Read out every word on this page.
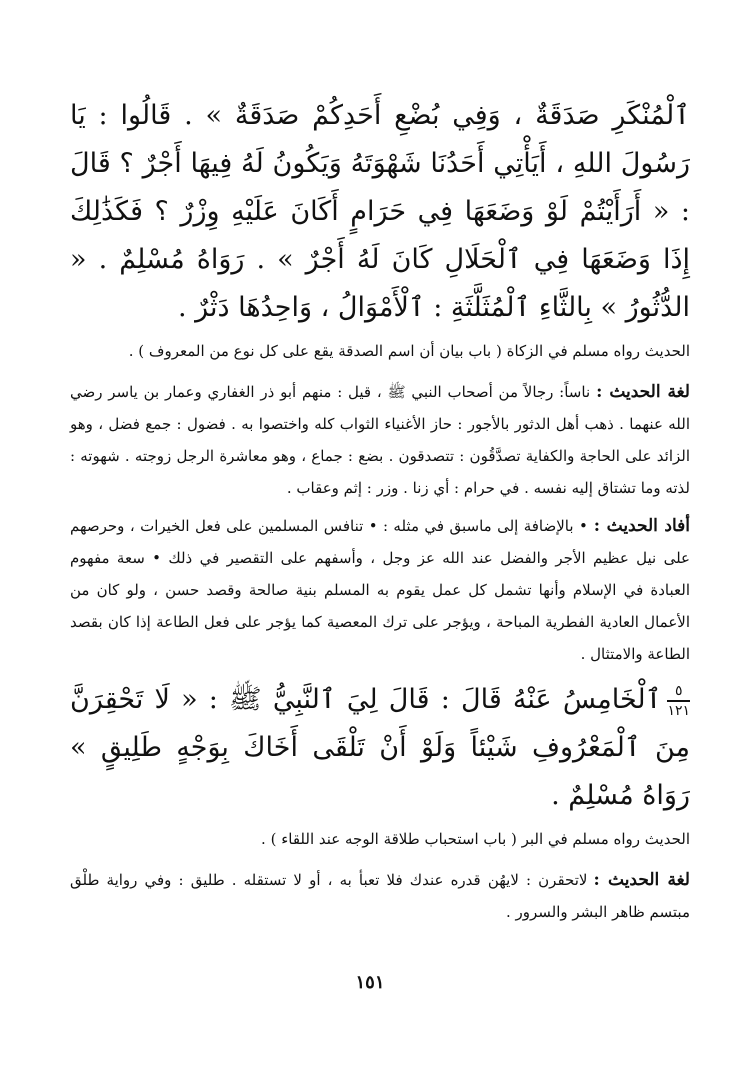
ٱلْمُنْكَرِ صَدَقَةٌ ، وَفِي بُضْعِ أَحَدِكُمْ صَدَقَةٌ » . قَالُوا : يَا رَسُولَ اللهِ ، أَيَأْتِي أَحَدُنَا شَهْوَتَهُ وَيَكُونُ لَهُ فِيهَا أَجْرٌ ؟ قَالَ : « أَرَأَيْتُمْ لَوْ وَضَعَهَا فِي حَرَامٍ أَكَانَ عَلَيْهِ وِزْرٌ ؟ فَكَذَٰلِكَ إِذَا وَضَعَهَا فِي ٱلْحَلَالِ كَانَ لَهُ أَجْرٌ » . رَوَاهُ مُسْلِمٌ . « الدُّثُورُ » بِالثَّاءِ ٱلْمُثَلَّثَةِ : ٱلْأَمْوَالُ ، وَاحِدُهَا دَثْرٌ .

الحديث رواه مسلم في الزكاة ( باب بيان أن اسم الصدقة يقع على كل نوع من المعروف ) .

لغة الحديث :ناساً: رجالاً من أصحاب النبي ﷺ ، قيل : منهم أبو ذر الغفاري وعمار بن ياسر رضي الله عنهما . ذهب أهل الدثور بالأجور : حاز الأغنياء الثواب كله واختصوا به . فضول : جمع فضل ، وهو الزائد على الحاجة والكفاية تصدَّقُون : تتصدقون . بضع : جماع ، وهو معاشرة الرجل زوجته . شهوته : لذته وما تشتاق إليه نفسه . في حرام : أي زنا . وزر : إثم وعقاب .

أفاد الحديث :• بالإضافة إلى ماسبق في مثله : • تنافس المسلمين على فعل الخيرات ، وحرصهم على نيل عظيم الأجر والفضل عند الله عز وجل ، وأسفهم على التقصير في ذلك • سعة مفهوم العبادة في الإسلام وأنها تشمل كل عمل يقوم به المسلم بنية صالحة وقصد حسن ، ولو كان من الأعمال العادية الفطرية المباحة ، ويؤجر على ترك المعصية كما يؤجر على فعل الطاعة إذا كان بقصد الطاعة والامتثال .

٥
١٢١
ٱلْخَامِسُ عَنْهُ قَالَ : قَالَ لِيَ ٱلنَّبِيُّ ﷺ : « لَا تَحْقِرَنَّ مِنَ ٱلْمَعْرُوفِ شَيْئاً وَلَوْ أَنْ تَلْقَى أَخَاكَ بِوَجْهٍ طَلِيقٍ » رَوَاهُ مُسْلِمٌ .

الحديث رواه مسلم في البر ( باب استحباب طلاقة الوجه عند اللقاء ) .

لغة الحديث :لاتحقرن : لايهُن قدره عندك فلا تعبأ به ، أو لا تستقله . طليق : وفي رواية طلْق مبتسم ظاهر البشر والسرور .

١٥١
